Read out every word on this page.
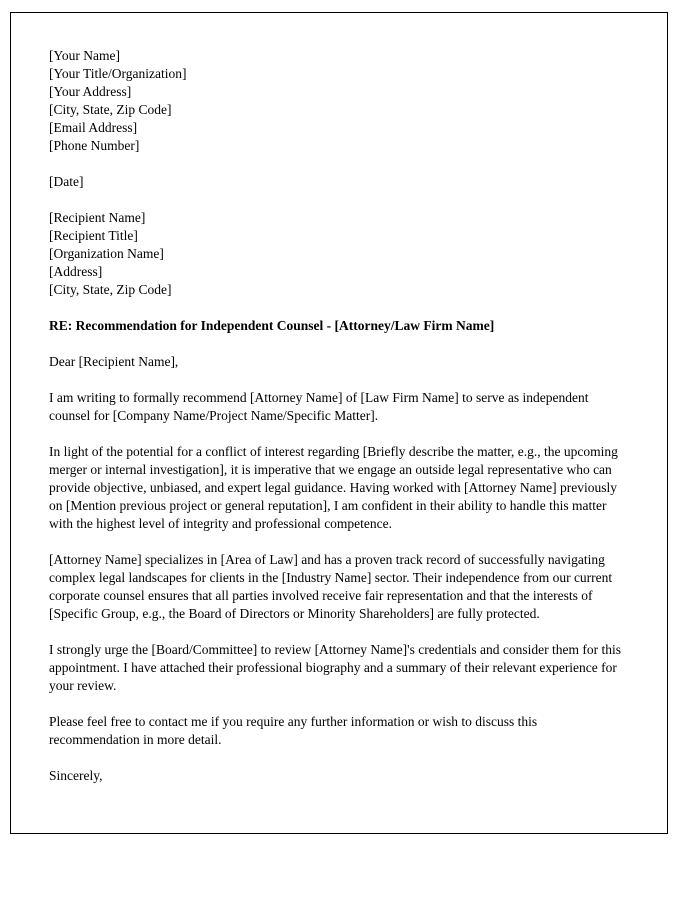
[Your Name]
[Your Title/Organization]
[Your Address]
[City, State, Zip Code]
[Email Address]
[Phone Number]
[Date]
[Recipient Name]
[Recipient Title]
[Organization Name]
[Address]
[City, State, Zip Code]
RE: Recommendation for Independent Counsel - [Attorney/Law Firm Name]
Dear [Recipient Name],

I am writing to formally recommend [Attorney Name] of [Law Firm Name] to serve as independent counsel for [Company Name/Project Name/Specific Matter].

In light of the potential for a conflict of interest regarding [Briefly describe the matter, e.g., the upcoming merger or internal investigation], it is imperative that we engage an outside legal representative who can provide objective, unbiased, and expert legal guidance. Having worked with [Attorney Name] previously on [Mention previous project or general reputation], I am confident in their ability to handle this matter with the highest level of integrity and professional competence.

[Attorney Name] specializes in [Area of Law] and has a proven track record of successfully navigating complex legal landscapes for clients in the [Industry Name] sector. Their independence from our current corporate counsel ensures that all parties involved receive fair representation and that the interests of [Specific Group, e.g., the Board of Directors or Minority Shareholders] are fully protected.

I strongly urge the [Board/Committee] to review [Attorney Name]'s credentials and consider them for this appointment. I have attached their professional biography and a summary of their relevant experience for your review.

Please feel free to contact me if you require any further information or wish to discuss this recommendation in more detail.

Sincerely,
